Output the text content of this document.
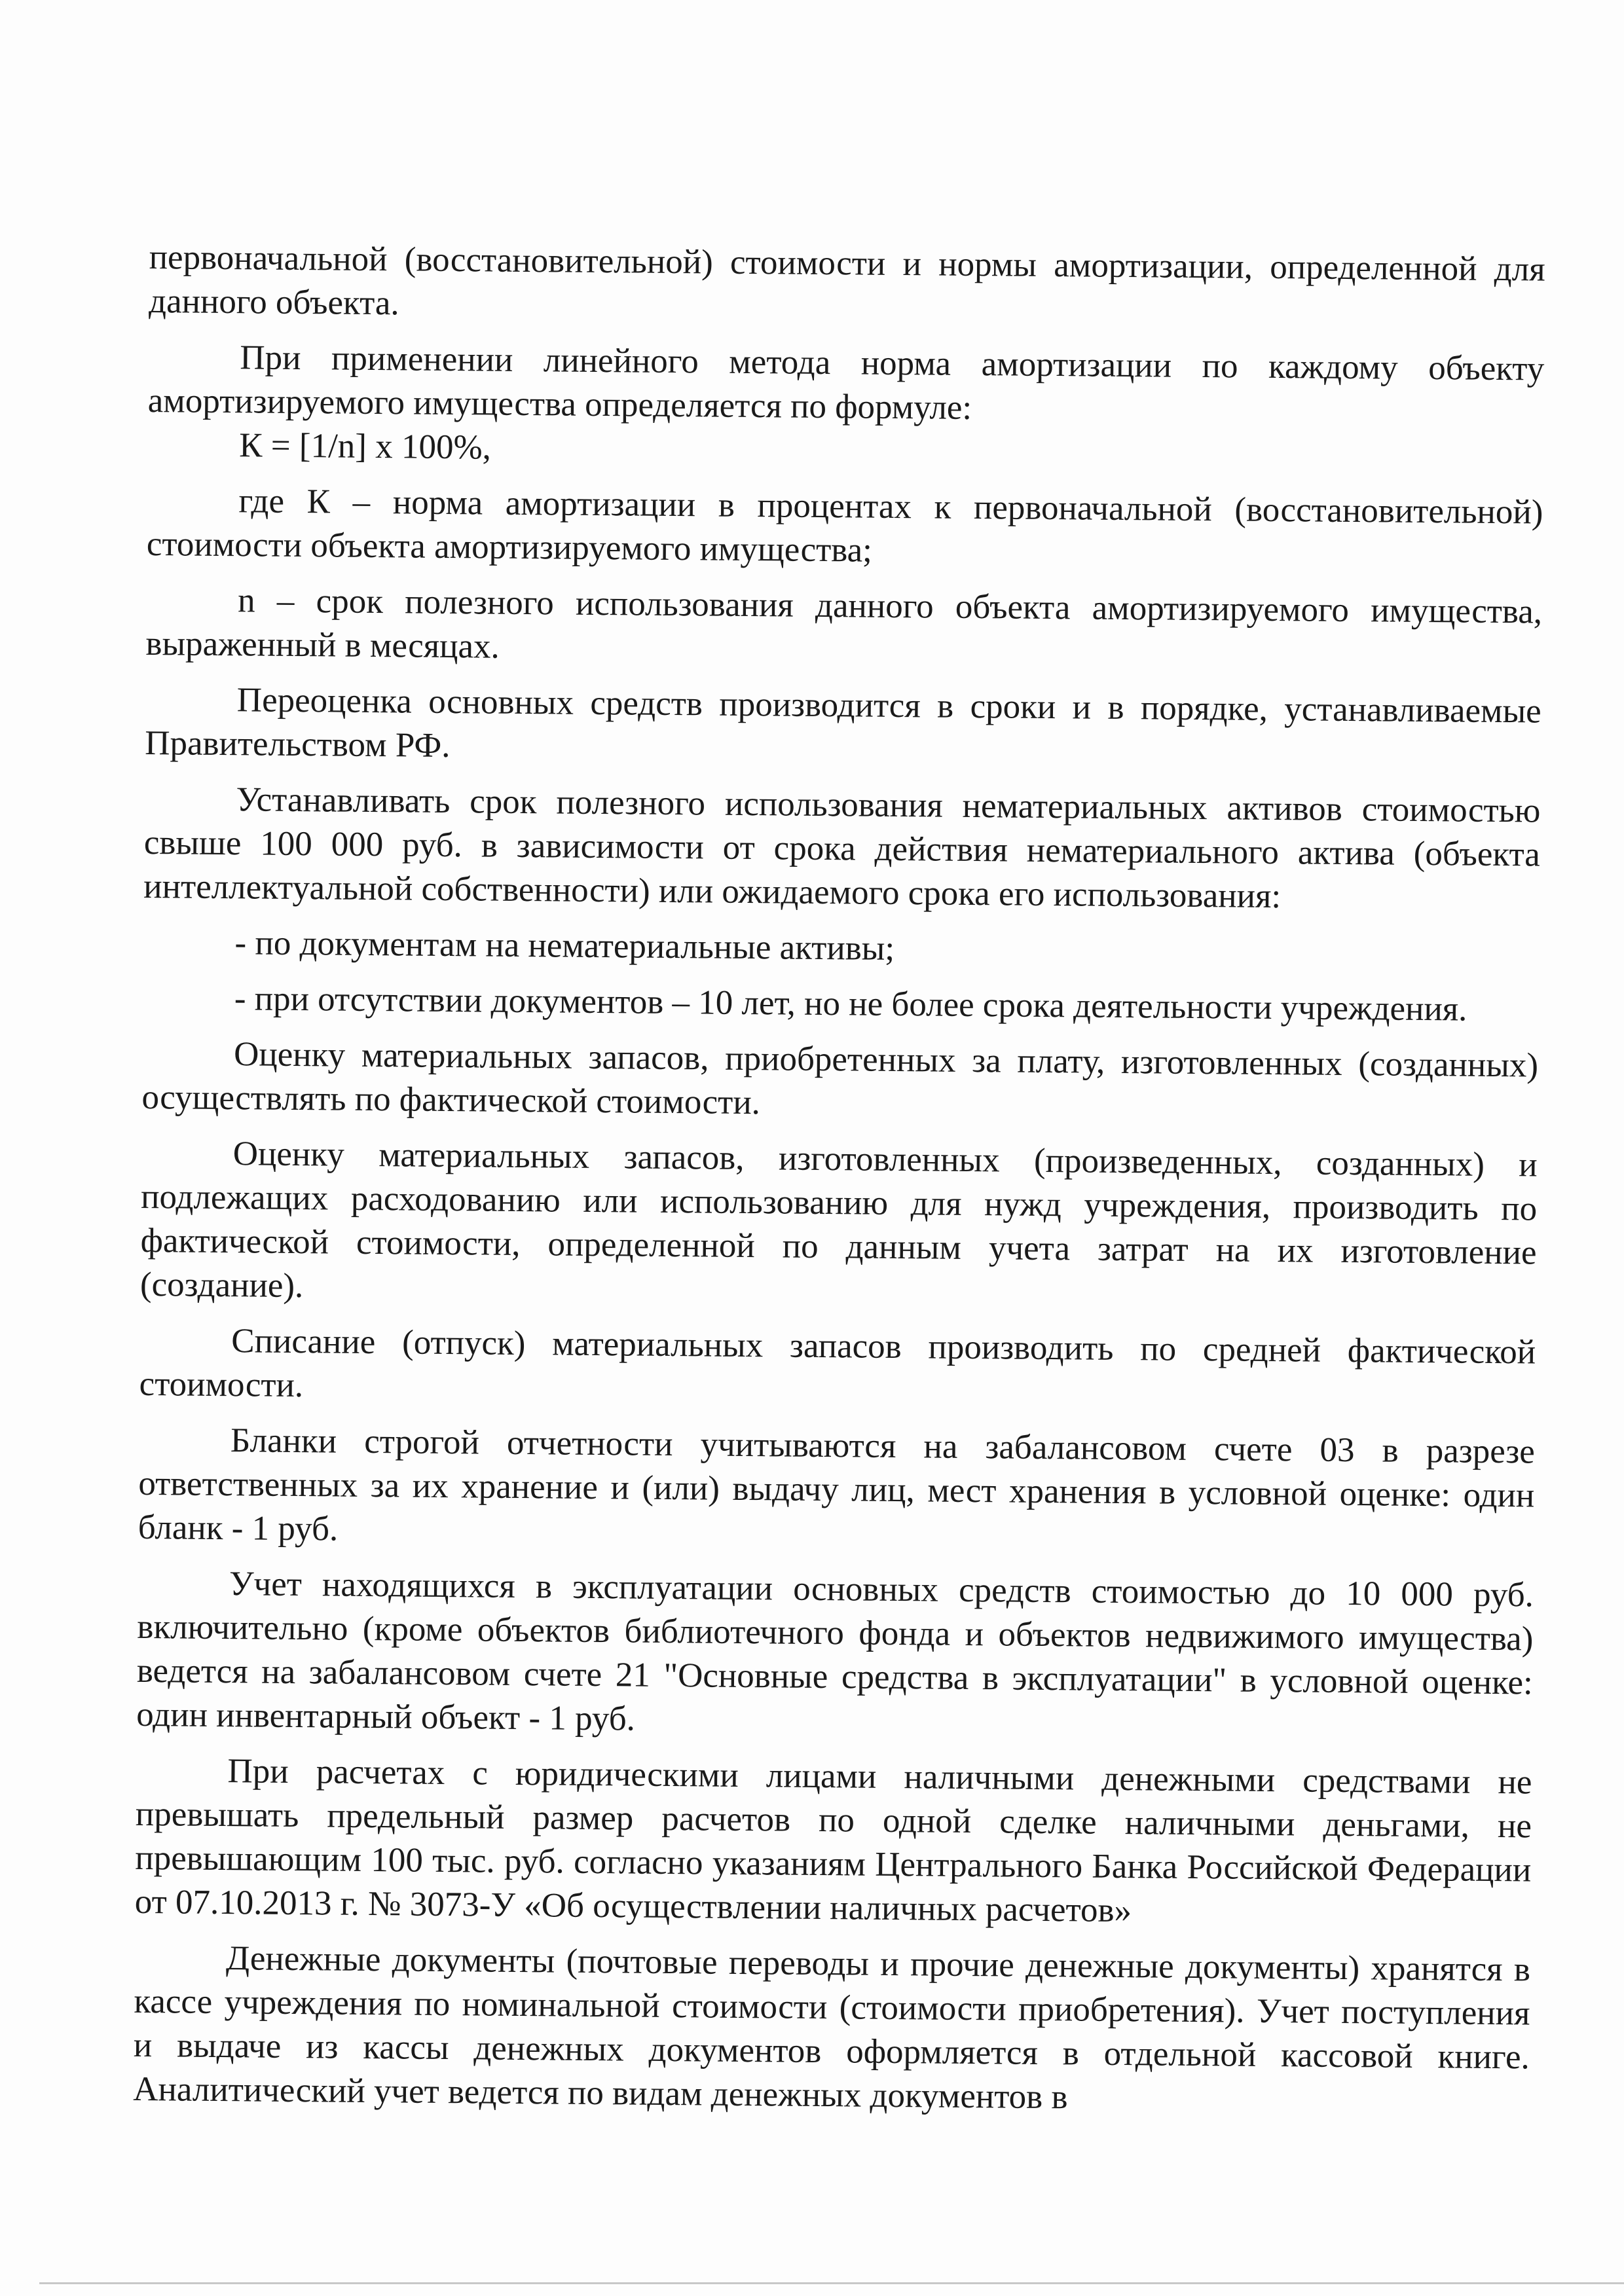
первоначальной (восстановительной) стоимости и нормы амортизации, определенной для данного объекта.

При применении линейного метода норма амортизации по каждому объекту амортизируемого имущества определяется по формуле:

К = [1/n] х 100%,

где К – норма амортизации в процентах к первоначальной (восстановительной) стоимости объекта амортизируемого имущества;

n – срок полезного использования данного объекта амортизируемого имущества, выраженный в месяцах.

Переоценка основных средств производится в сроки и в порядке, устанавливаемые Правительством РФ.

Устанавливать срок полезного использования нематериальных активов стоимостью свыше 100 000 руб. в зависимости от срока действия нематериального актива (объекта интеллектуальной собственности) или ожидаемого срока его использования:

- по документам на нематериальные активы;

- при отсутствии документов – 10 лет, но не более срока деятельности учреждения.

Оценку материальных запасов, приобретенных за плату, изготовленных (созданных) осуществлять по фактической стоимости.

Оценку материальных запасов, изготовленных (произведенных, созданных) и подлежащих расходованию или использованию для нужд учреждения, производить по фактической стоимости, определенной по данным учета затрат на их изготовление (создание).

Списание (отпуск) материальных запасов производить по средней фактической стоимости.

Бланки строгой отчетности учитываются на забалансовом счете 03 в разрезе ответственных за их хранение и (или) выдачу лиц, мест хранения в условной оценке: один бланк - 1 руб.

Учет находящихся в эксплуатации основных средств стоимостью до 10 000 руб. включительно (кроме объектов библиотечного фонда и объектов недвижимого имущества) ведется на забалансовом счете 21 "Основные средства в эксплуатации" в условной оценке: один инвентарный объект - 1 руб.

При расчетах с юридическими лицами наличными денежными средствами не превышать предельный размер расчетов по одной сделке наличными деньгами, не превышающим 100 тыс. руб. согласно указаниям Центрального Банка Российской Федерации от 07.10.2013 г. № 3073-У «Об осуществлении наличных расчетов»

Денежные документы (почтовые переводы и прочие денежные документы) хранятся в кассе учреждения по номинальной стоимости (стоимости приобретения). Учет поступления и выдаче из кассы денежных документов оформляется в отдельной кассовой книге. Аналитический учет ведется по видам денежных документов в
